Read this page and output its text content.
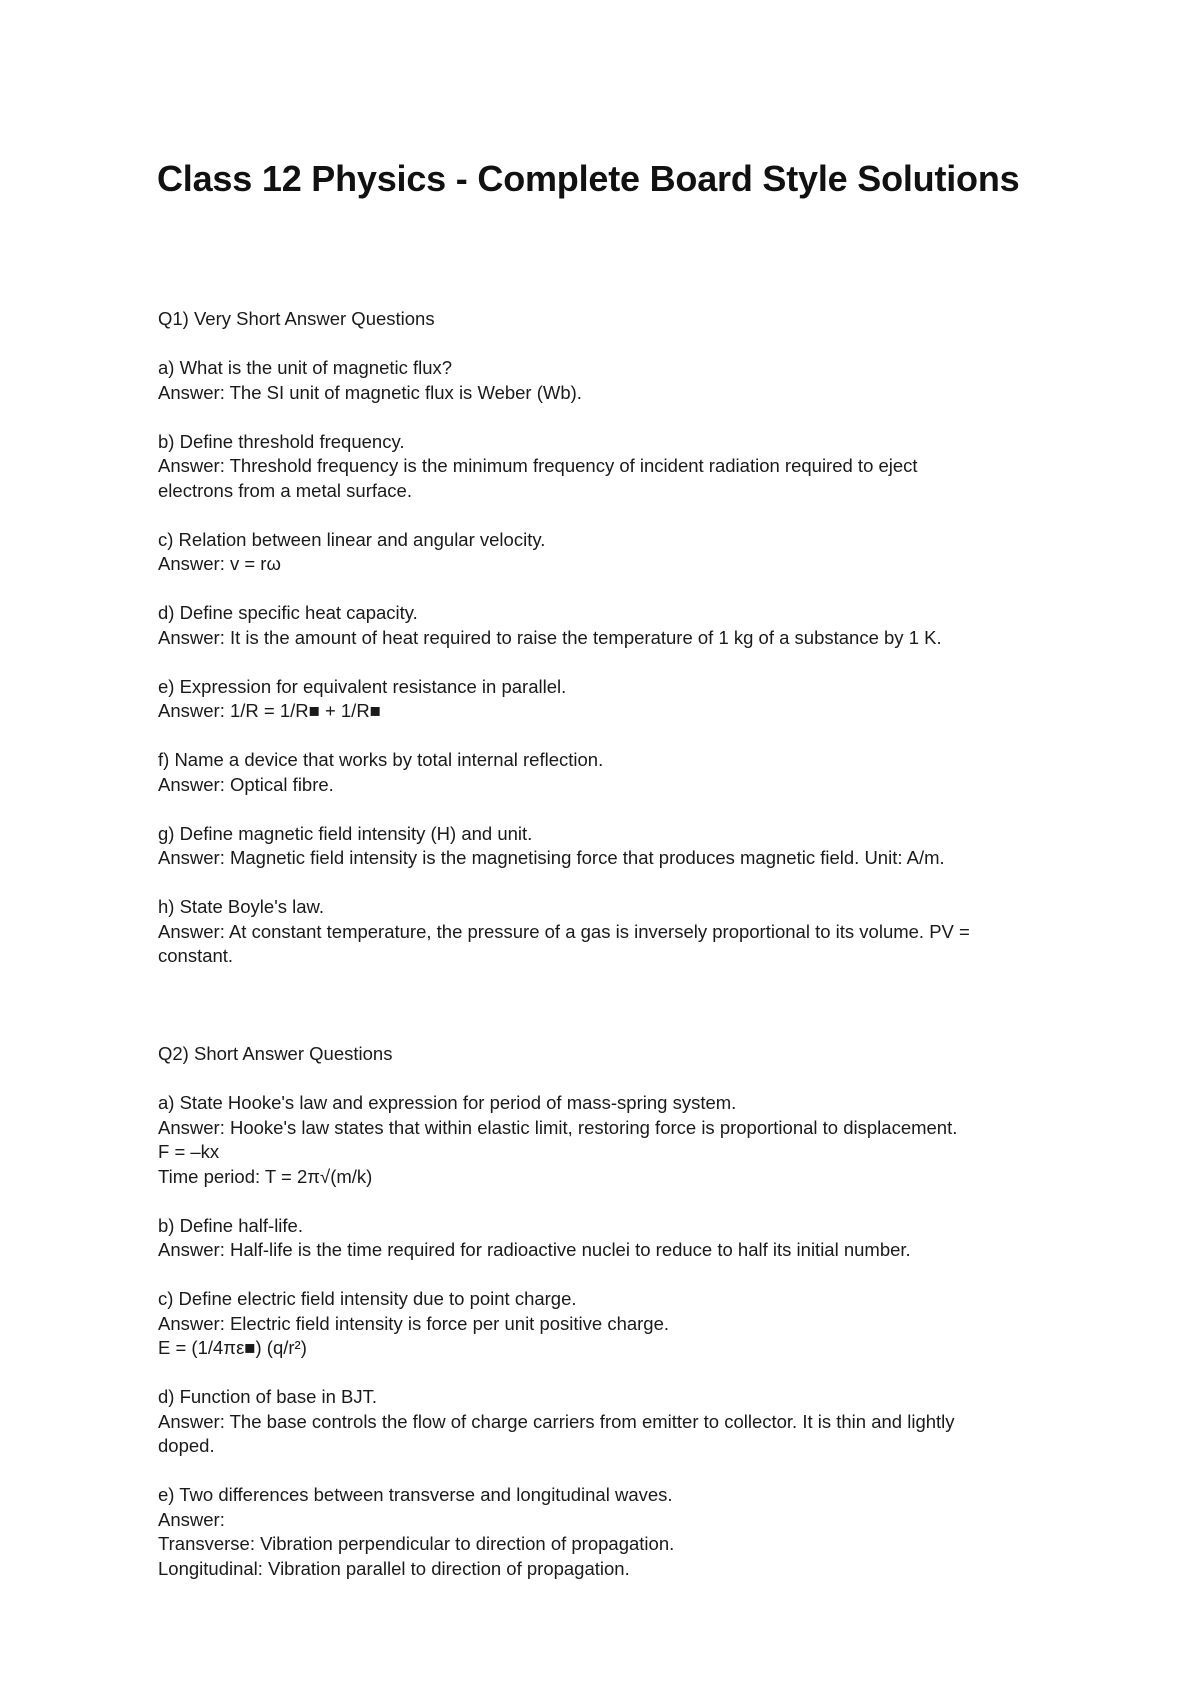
Class 12 Physics - Complete Board Style Solutions

Q1) Very Short Answer Questions

a) What is the unit of magnetic flux?
Answer: The SI unit of magnetic flux is Weber (Wb).
b) Define threshold frequency.
Answer: Threshold frequency is the minimum frequency of incident radiation required to eject
electrons from a metal surface.
c) Relation between linear and angular velocity.
Answer: v = rω
d) Define specific heat capacity.
Answer: It is the amount of heat required to raise the temperature of 1 kg of a substance by 1 K.
e) Expression for equivalent resistance in parallel.
Answer: 1/R = 1/R■ + 1/R■
f) Name a device that works by total internal reflection.
Answer: Optical fibre.
g) Define magnetic field intensity (H) and unit.
Answer: Magnetic field intensity is the magnetising force that produces magnetic field. Unit: A/m.
h) State Boyle's law.
Answer: At constant temperature, the pressure of a gas is inversely proportional to its volume. PV =
constant.

Q2) Short Answer Questions

a) State Hooke's law and expression for period of mass-spring system.
Answer: Hooke's law states that within elastic limit, restoring force is proportional to displacement.
F = –kx
Time period: T = 2π√(m/k)
b) Define half-life.
Answer: Half-life is the time required for radioactive nuclei to reduce to half its initial number.
c) Define electric field intensity due to point charge.
Answer: Electric field intensity is force per unit positive charge.
E = (1/4πε■) (q/r²)
d) Function of base in BJT.
Answer: The base controls the flow of charge carriers from emitter to collector. It is thin and lightly
doped.
e) Two differences between transverse and longitudinal waves.
Answer:
Transverse: Vibration perpendicular to direction of propagation.
Longitudinal: Vibration parallel to direction of propagation.
